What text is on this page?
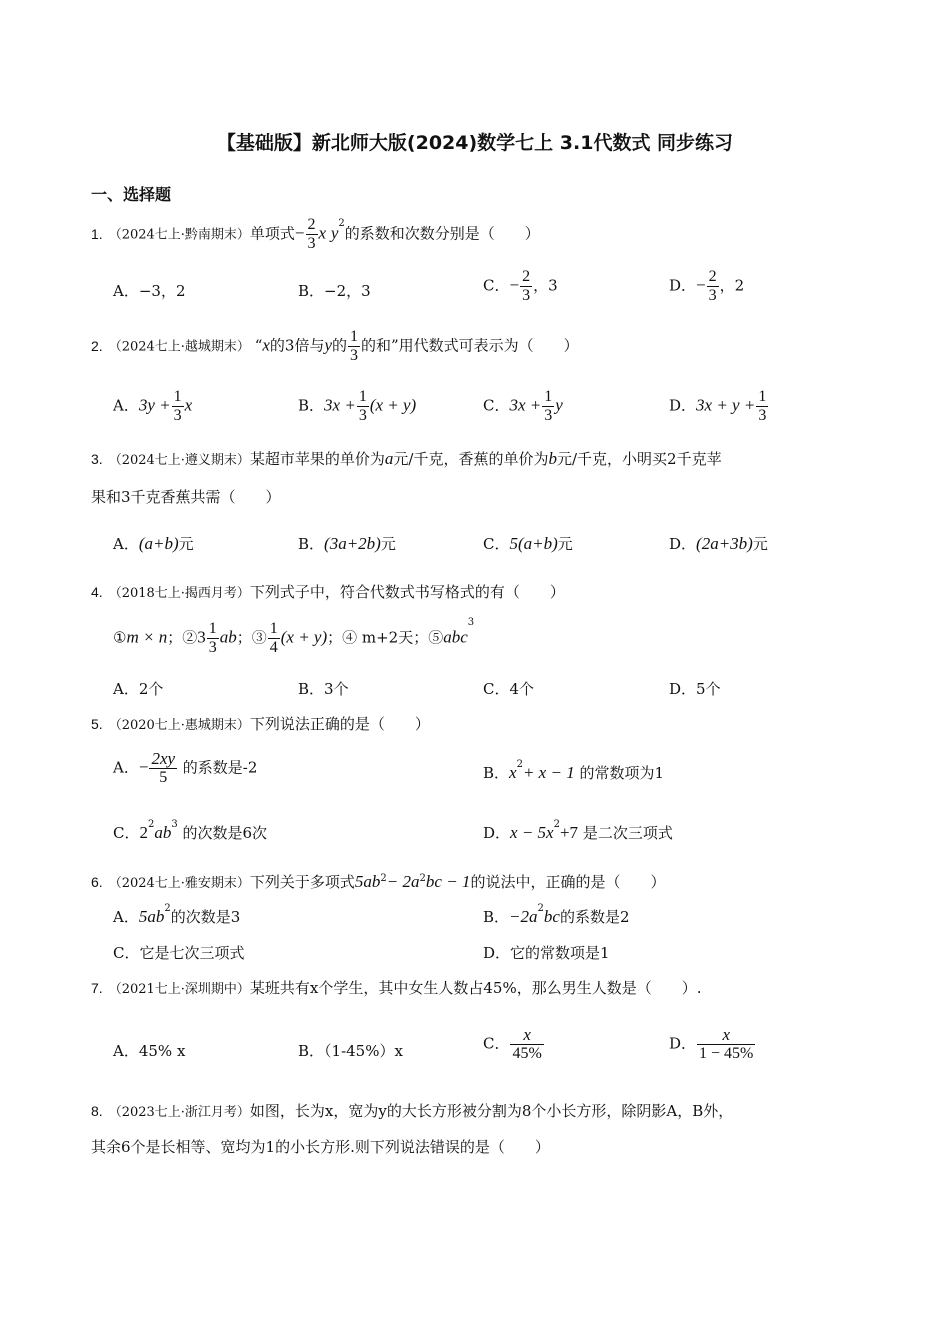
【基础版】新北师大版(2024)数学七上 3.1代数式 同步练习
一、选择题
1. （2024七上·黔南期末）单项式− $\frac{2}{3}$ x $y^2$的系数和次数分别是（　　）
A．−3，2	B．−2，3	C．− $\frac{2}{3}$ ，3	D．− $\frac{2}{3}$ ，2
2. （2024七上·越城期末） “x的3倍与y的 $\frac{1}{3}$ 的和”用代数式可表示为（　　）
A．$3y + \frac{1}{3}$ x	B．$3x + \frac{1}{3} (x + y)$	C．$3x + \frac{1}{3}$ y	D．$3x + y + \frac{1}{3}$
3. （2024七上·遵义期末）某超市苹果的单价为a元/千克，香蕉的单价为b元/千克，小明买2千克苹
果和3千克香蕉共需（　　）
A．(a+b)元	B．(3a+2b)元	C．5(a+b)元	D．(2a+3b)元
4. （2018七上·揭西月考）下列式子中，符合代数式书写格式的有（　　）
①m × n；②3 $\frac{1}{3}$ ab；③ $\frac{1}{4} (x + y)$；④ m+2天；⑤abc$^3$
A．2个	B．3个	C．4个	D．5个
5. （2020七上·惠城期末）下列说法正确的是（　　）
A．− $\frac{2xy}{5}$ 的系数是-2	B．$x^2+ x - 1$ 的常数项为1
C．$2^2ab^3$ 的次数是6次	D．$x - 5x^2+7$ 是二次三项式
6. （2024七上·雅安期末）下列关于多项式$5ab^2- 2a^2bc - 1$的说法中，正确的是（　　）
A．$5ab^2$的次数是3	B．$-2a^2bc$的系数是2
C．它是七次三项式	D．它的常数项是1
7. （2021七上·深圳期中）某班共有x个学生，其中女生人数占45%，那么男生人数是（　　）.
A．45% x	B．（1-45%）x	C． $\frac{x}{45\%}$	D． $\frac{x}{1 - 45\%}$
8. （2023七上·浙江月考）如图，长为x，宽为y的大长方形被分割为8个小长方形，除阴影A，B外，
其余6个是长相等、宽均为1的小长方形.则下列说法错误的是（　　）
